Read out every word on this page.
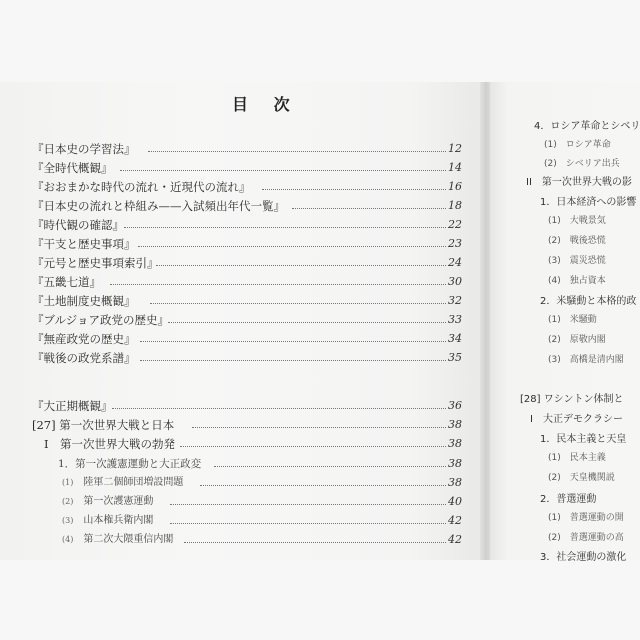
目 次
『日本史の学習法』	12
『全時代概観』	14
『おおまかな時代の流れ・近現代の流れ』	16
『日本史の流れと枠組み——入試頻出年代一覧』	18
『時代観の確認』	22
『干支と歴史事項』	23
『元号と歴史事項索引』	24
『五畿七道』	30
『土地制度史概観』	32
『ブルジョア政党の歴史』	33
『無産政党の歴史』	34
『戦後の政党系譜』	35
『大正期概観』	36
[27] 第一次世界大戦と日本	38
I　第一次世界大戦の勃発	38
1．第一次護憲運動と大正政変	38
(1) 陸軍二個師団増設問題	38
(2) 第一次護憲運動	40
(3) 山本権兵衛内閣	42
(4) 第二次大隈重信内閣	42
4．ロシア革命とシベリ
(1)　 ロシア革命
(2)　 シベリア出兵
II　第一次世界大戦の影
1．日本経済への影響
(1)　 大戦景気
(2)　 戦後恐慌
(3)　 震災恐慌
(4)　 独占資本
2．米騒動と本格的政
(1)　 米騒動
(2)　 原敬内閣
(3)　 高橋是清内閣
[28] ワシントン体制と
I　大正デモクラシー
1．民本主義と天皇
(1)　 民本主義
(2)　 天皇機関説
2．普選運動
(1)　 普選運動の開
(2)　 普選運動の高
3．社会運動の激化
